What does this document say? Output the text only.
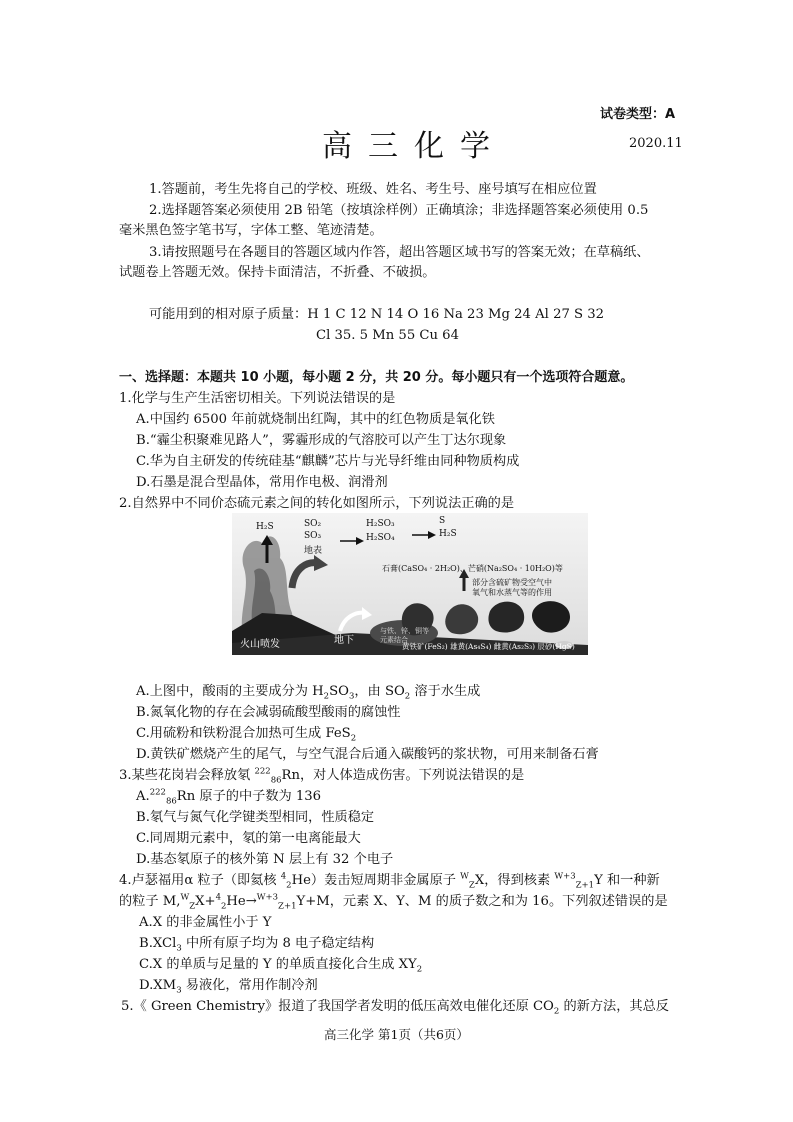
试卷类型：A
高三化学	2020.11
1.答题前，考生先将自己的学校、班级、姓名、考生号、座号填写在相应位置
2.选择题答案必须使用 2B 铅笔（按填涂样例）正确填涂；非选择题答案必须使用 0.5
毫米黑色签字笔书写，字体工整、笔迹清楚。
3.请按照题号在各题目的答题区域内作答，超出答题区域书写的答案无效；在草稿纸、
试题卷上答题无效。保持卡面清洁，不折叠、不破损。
可能用到的相对原子质量：H 1 C 12 N 14 O 16 Na 23 Mg 24 Al 27 S 32
Cl 35. 5 Mn 55 Cu 64
一、选择题：本题共 10 小题，每小题 2 分，共 20 分。每小题只有一个选项符合题意。
1.化学与生产生活密切相关。下列说法错误的是
A.中国约 6500 年前就烧制出红陶，其中的红色物质是氧化铁
B.“霾尘积聚难见路人”，雾霾形成的气溶胶可以产生丁达尔现象
C.华为自主研发的传统硅基“麒麟”芯片与光导纤维由同种物质构成
D.石墨是混合型晶体，常用作电极、润滑剂
2.自然界中不同价态硫元素之间的转化如图所示，下列说法正确的是
H₂S	SO₂
SO₃
地表
H₂SO₃
H₂SO₄
S
H₂S
石膏(CaSO₄ · 2H₂O)、芒硝(Na₂SO₄ · 10H₂O)等
部分含硫矿物受空气中
氧气和水蒸气等的作用
火山喷发	地下
与铁、锌、铜等元素结合
黄铁矿(FeS₂) 雄黄(As₄S₄) 雌黄(As₂S₃) 辰砂(HgS)
A.上图中，酸雨的主要成分为 $H_2SO_3$，由 $SO_2$ 溶于水生成
B.氮氧化物的存在会减弱硫酸型酸雨的腐蚀性
C.用硫粉和铁粉混合加热可生成 FeS$_2$
D.黄铁矿燃烧产生的尾气，与空气混合后通入碳酸钙的浆状物，可用来制备石膏
3.某些花岗岩会释放氡 $^{222}_{86}$Rn，对人体造成伤害。下列说法错误的是
A.$^{222}_{86}$Rn 原子的中子数为 136
B.氡气与氮气化学键类型相同，性质稳定
C.同周期元素中，氡的第一电离能最大
D.基态氡原子的核外第 N 层上有 32 个电子
4.卢瑟福用α 粒子（即氦核 $^4_2$He）轰击短周期非金属原子 $^W_Z$X，得到核素 $^{W+3}_{Z+1}$Y 和一种新
的粒子 M,$^W_Z$X+$^4_2$He→$^{W+3}_{Z+1}$Y+M，元素 X、Y、M 的质子数之和为 16。下列叙述错误的是
A.X 的非金属性小于 Y
B.XCl$_3$ 中所有原子均为 8 电子稳定结构
C.X 的单质与足量的 Y 的单质直接化合生成 $XY_2$
$D.XM_3$ 易液化，常用作制冷剂
5.《 Green Chemistry》报道了我国学者发明的低压高效电催化还原 $CO_2$ 的新方法，其总反
高三化学 第1页（共6页）
